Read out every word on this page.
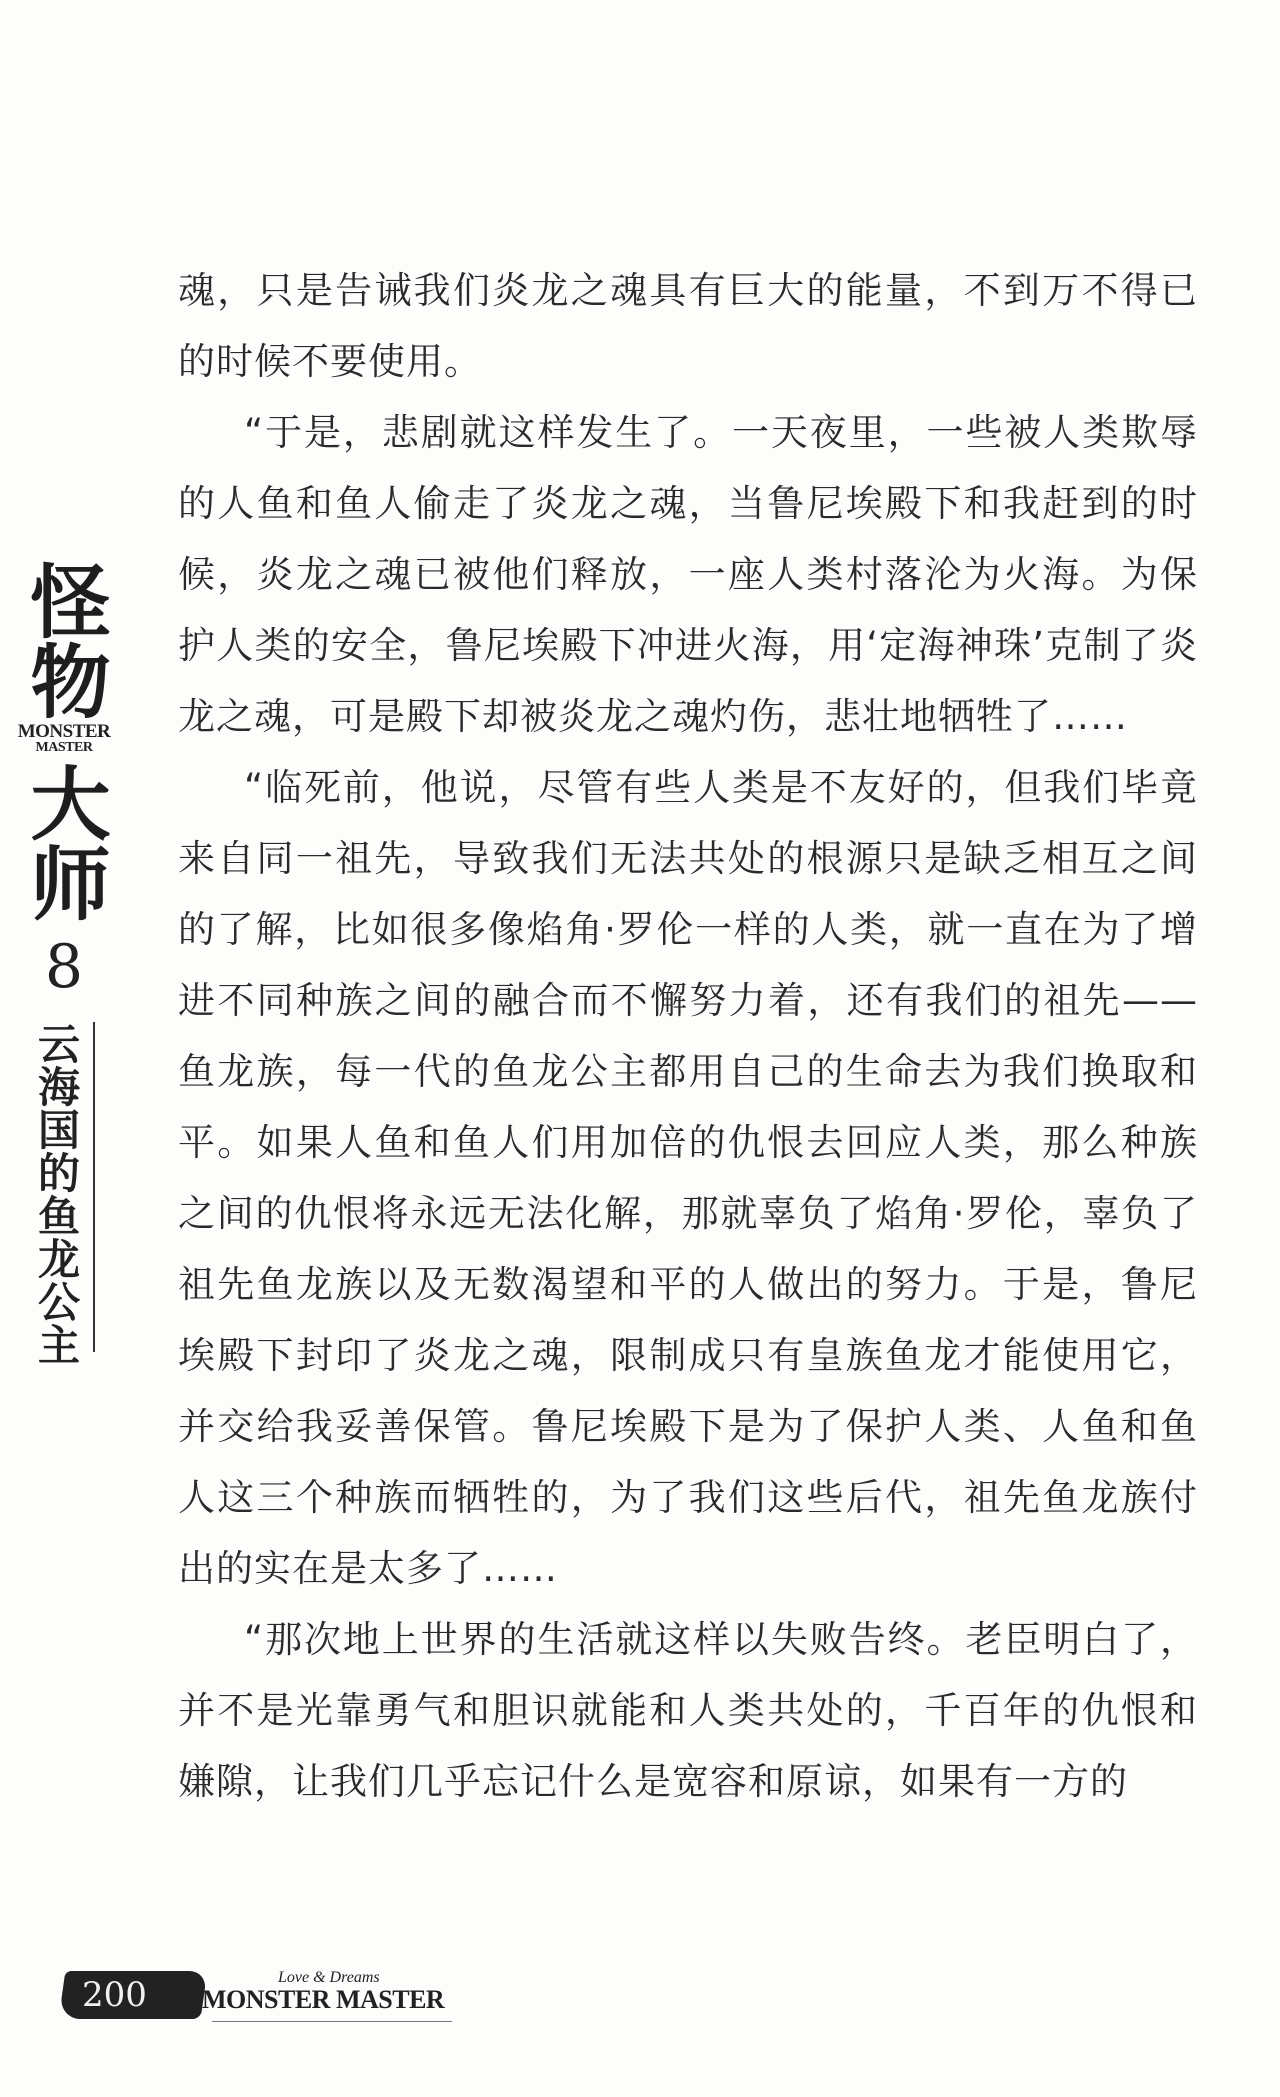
魂，只是告诫我们炎龙之魂具有巨大的能量，不到万不得已的时候不要使用。

“于是，悲剧就这样发生了。一天夜里，一些被人类欺辱的人鱼和鱼人偷走了炎龙之魂，当鲁尼埃殿下和我赶到的时候，炎龙之魂已被他们释放，一座人类村落沦为火海。为保护人类的安全，鲁尼埃殿下冲进火海，用‘定海神珠’克制了炎龙之魂，可是殿下却被炎龙之魂灼伤，悲壮地牺牲了……

“临死前，他说，尽管有些人类是不友好的，但我们毕竟来自同一祖先，导致我们无法共处的根源只是缺乏相互之间的了解，比如很多像焰角·罗伦一样的人类，就一直在为了增进不同种族之间的融合而不懈努力着，还有我们的祖先——鱼龙族，每一代的鱼龙公主都用自己的生命去为我们换取和平。如果人鱼和鱼人们用加倍的仇恨去回应人类，那么种族之间的仇恨将永远无法化解，那就辜负了焰角·罗伦，辜负了祖先鱼龙族以及无数渴望和平的人做出的努力。于是，鲁尼埃殿下封印了炎龙之魂，限制成只有皇族鱼龙才能使用它，并交给我妥善保管。鲁尼埃殿下是为了保护人类、人鱼和鱼人这三个种族而牺牲的，为了我们这些后代，祖先鱼龙族付出的实在是太多了……

“那次地上世界的生活就这样以失败告终。老臣明白了，并不是光靠勇气和胆识就能和人类共处的，千百年的仇恨和嫌隙，让我们几乎忘记什么是宽容和原谅，如果有一方的

怪物
MONSTER
MASTER
大师
8
云海国的鱼龙公主
200	Love & Dreams
MONSTER MASTER
